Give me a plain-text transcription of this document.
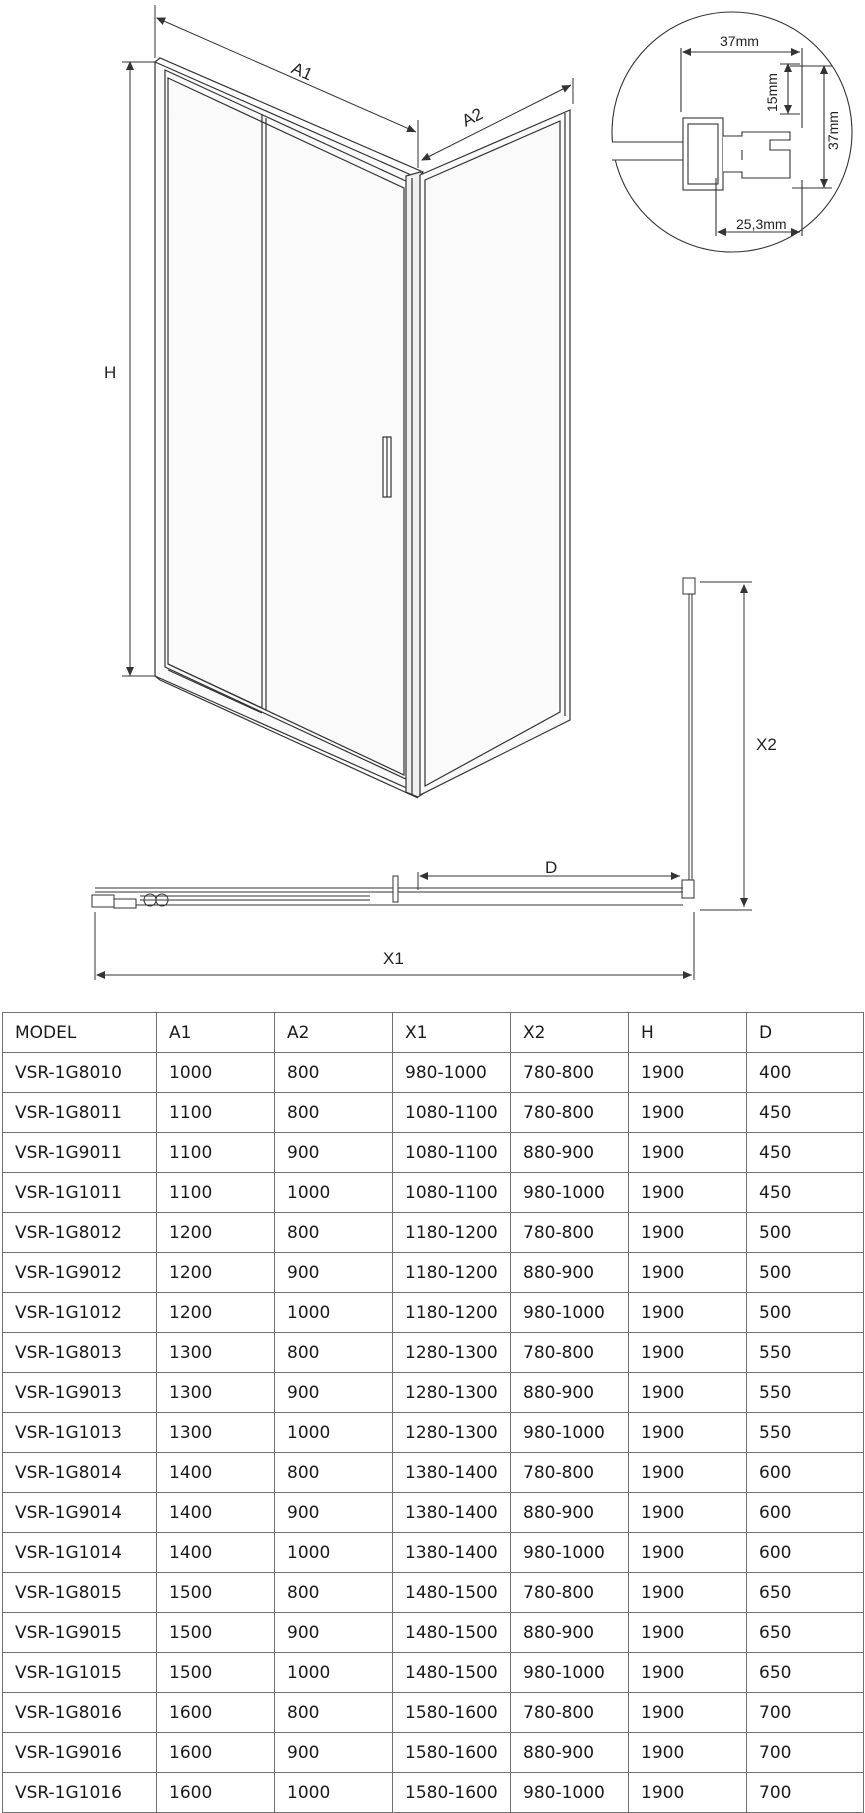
H
A1
A2
37mm
15mm
37mm
25,3mm
D
X2
X1
MODEL	A1	A2	X1	X2	H	D
VSR-1G8010	1000	800	980-1000	780-800	1900	400
VSR-1G8011	1100	800	1080-1100	780-800	1900	450
VSR-1G9011	1100	900	1080-1100	880-900	1900	450
VSR-1G1011	1100	1000	1080-1100	980-1000	1900	450
VSR-1G8012	1200	800	1180-1200	780-800	1900	500
VSR-1G9012	1200	900	1180-1200	880-900	1900	500
VSR-1G1012	1200	1000	1180-1200	980-1000	1900	500
VSR-1G8013	1300	800	1280-1300	780-800	1900	550
VSR-1G9013	1300	900	1280-1300	880-900	1900	550
VSR-1G1013	1300	1000	1280-1300	980-1000	1900	550
VSR-1G8014	1400	800	1380-1400	780-800	1900	600
VSR-1G9014	1400	900	1380-1400	880-900	1900	600
VSR-1G1014	1400	1000	1380-1400	980-1000	1900	600
VSR-1G8015	1500	800	1480-1500	780-800	1900	650
VSR-1G9015	1500	900	1480-1500	880-900	1900	650
VSR-1G1015	1500	1000	1480-1500	980-1000	1900	650
VSR-1G8016	1600	800	1580-1600	780-800	1900	700
VSR-1G9016	1600	900	1580-1600	880-900	1900	700
VSR-1G1016	1600	1000	1580-1600	980-1000	1900	700
